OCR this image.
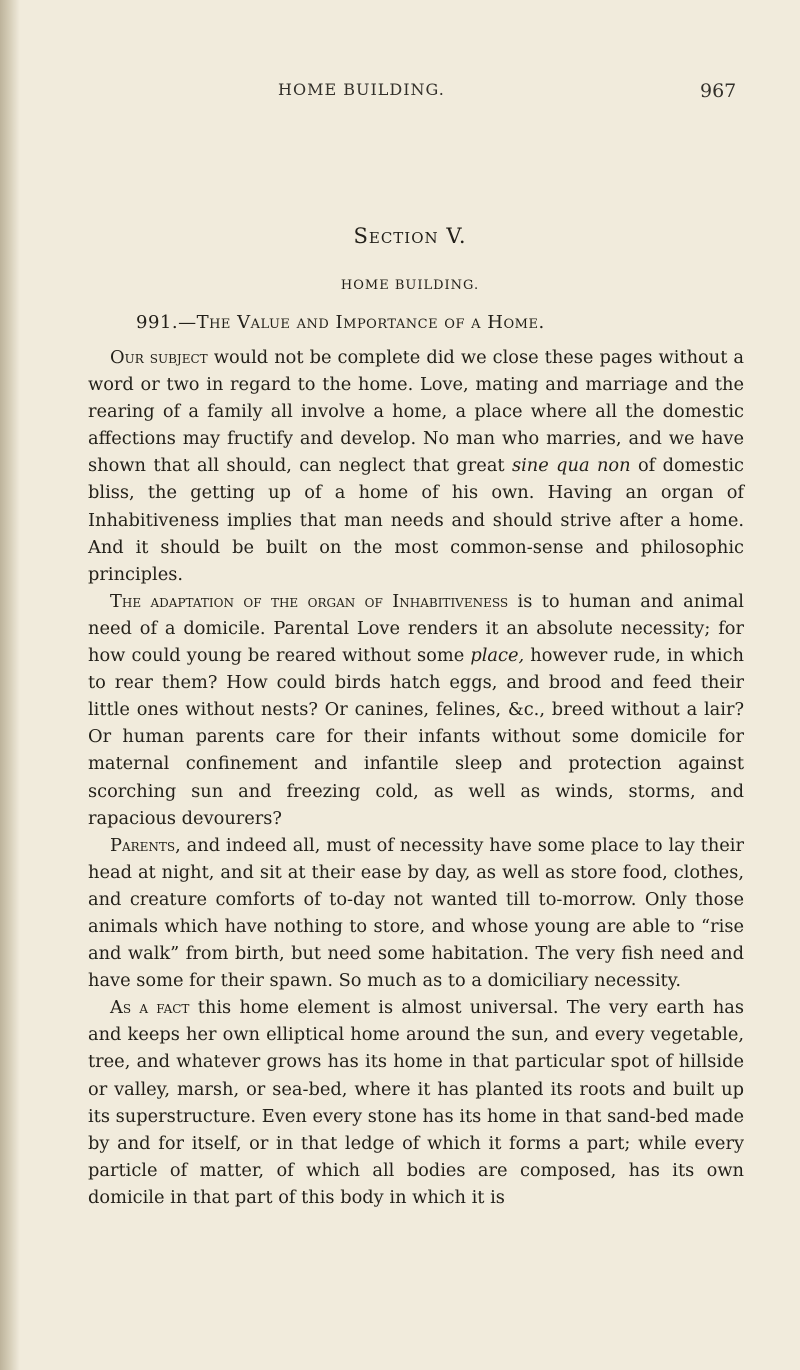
HOME BUILDING.	967
Section V.
HOME BUILDING.
991.—The Value and Importance of a Home.

Our subject would not be complete did we close these pages without a word or two in regard to the home. Love, mating and marriage and the rearing of a family all involve a home, a place where all the domestic affections may fructify and develop. No man who marries, and we have shown that all should, can neglect that great sine qua non of domestic bliss, the getting up of a home of his own. Having an organ of Inhabitiveness implies that man needs and should strive after a home. And it should be built on the most common-sense and philosophic principles.

The adaptation of the organ of Inhabitiveness is to human and animal need of a domicile. Parental Love renders it an absolute necessity; for how could young be reared without some place, however rude, in which to rear them? How could birds hatch eggs, and brood and feed their little ones without nests? Or canines, felines, &c., breed without a lair? Or human parents care for their infants without some domicile for maternal confinement and infantile sleep and protection against scorching sun and freezing cold, as well as winds, storms, and rapacious devourers?

Parents, and indeed all, must of necessity have some place to lay their head at night, and sit at their ease by day, as well as store food, clothes, and creature comforts of to-day not wanted till to-morrow. Only those animals which have nothing to store, and whose young are able to “rise and walk” from birth, but need some habitation. The very fish need and have some for their spawn. So much as to a domiciliary necessity.

As a fact this home element is almost universal. The very earth has and keeps her own elliptical home around the sun, and every vegetable, tree, and whatever grows has its home in that particular spot of hillside or valley, marsh, or sea-bed, where it has planted its roots and built up its superstructure. Even every stone has its home in that sand-bed made by and for itself, or in that ledge of which it forms a part; while every particle of matter, of which all bodies are composed, has its own domicile in that part of this body in which it is
